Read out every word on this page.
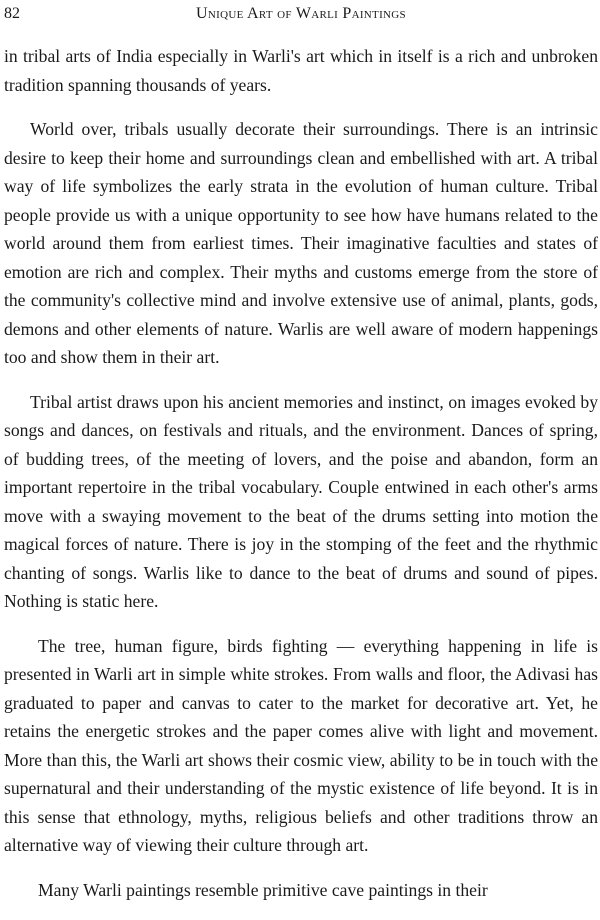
82	Unique Art of Warli Paintings

in tribal arts of India especially in Warli's art which in itself is a rich and unbroken tradition spanning thousands of years.

World over, tribals usually decorate their surroundings. There is an intrinsic desire to keep their home and surroundings clean and embellished with art. A tribal way of life symbolizes the early strata in the evolution of human culture. Tribal people provide us with a unique opportunity to see how have humans related to the world around them from earliest times. Their imaginative faculties and states of emotion are rich and complex. Their myths and customs emerge from the store of the community's collective mind and involve extensive use of animal, plants, gods, demons and other elements of nature. Warlis are well aware of modern happenings too and show them in their art.

Tribal artist draws upon his ancient memories and instinct, on images evoked by songs and dances, on festivals and rituals, and the environment. Dances of spring, of budding trees, of the meeting of lovers, and the poise and abandon, form an important repertoire in the tribal vocabulary. Couple entwined in each other's arms move with a swaying movement to the beat of the drums setting into motion the magical forces of nature. There is joy in the stomping of the feet and the rhythmic chanting of songs. Warlis like to dance to the beat of drums and sound of pipes. Nothing is static here.

The tree, human figure, birds fighting — everything happening in life is presented in Warli art in simple white strokes. From walls and floor, the Adivasi has graduated to paper and canvas to cater to the market for decorative art. Yet, he retains the energetic strokes and the paper comes alive with light and movement. More than this, the Warli art shows their cosmic view, ability to be in touch with the supernatural and their understanding of the mystic existence of life beyond. It is in this sense that ethnology, myths, religious beliefs and other traditions throw an alternative way of viewing their culture through art.

Many Warli paintings resemble primitive cave paintings in their
